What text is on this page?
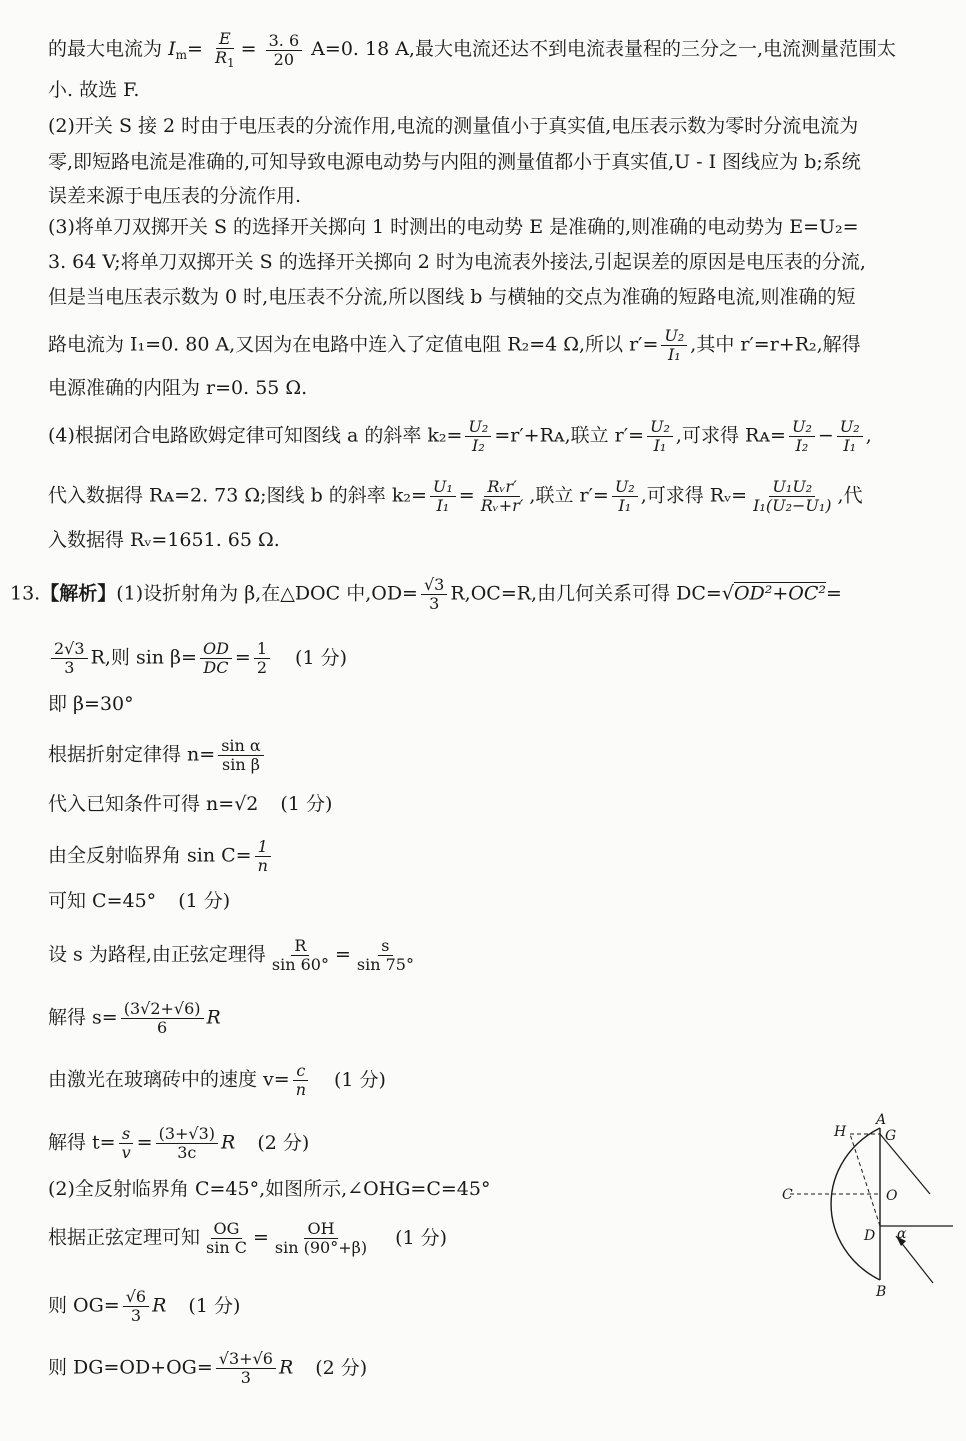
的最大电流为 $I_m= \frac{E}{R_1} = \frac{3. 6}{20} A=0$. 18 A,最大电流还达不到电流表量程的三分之一,电流测量范围太
小. 故选 F.
(2)开关 S 接 2 时由于电压表的分流作用,电流的测量值小于真实值,电压表示数为零时分流电流为
零,即短路电流是准确的,可知导致电源电动势与内阻的测量值都小于真实值,U - I 图线应为 b;系统
误差来源于电压表的分流作用.
(3)将单刀双掷开关 S 的选择开关掷向 1 时测出的电动势 E 是准确的,则准确的电动势为 E=U₂=
3. 64 V;将单刀双掷开关 S 的选择开关掷向 2 时为电流表外接法,引起误差的原因是电压表的分流,
但是当电压表示数为 0 时,电压表不分流,所以图线 b 与横轴的交点为准确的短路电流,则准确的短
路电流为 I₁=0. 80 A,又因为在电路中连入了定值电阻 R₂=4 Ω,所以 $r'= \frac{\text{U₂}}{\text{I₁}}$ ,其中 r′=r+R₂,解得
电源准确的内阻为 r=0. 55 Ω.
(4)根据闭合电路欧姆定律可知图线 a 的斜率 $k_2= \frac{\text{U₂}}{\text{I₂}}$ =r′+Rᴀ,联立 $r'= \frac{\text{U₂}}{\text{I₁}}$ ,可求得 Rᴀ= $\frac{\text{U₂}}{\text{I₂}} - \frac{\text{U₂}}{\text{I₁}}$ ,
代入数据得 Rᴀ=2. 73 Ω;图线 b 的斜率 $k_2= \frac{\text{U₁}}{\text{I₁}} = \frac{\text{Rᵥr′}}{\text{Rᵥ+r′}}$ ,联立 $r'= \frac{\text{U₂}}{\text{I₁}}$ ,可求得 Rᵥ= $\frac{\text{U₁U₂}}{\text{I₁(U₂−U₁)}}$ ,代
入数据得 Rᵥ=1651. 65 Ω.
13.【解析】(1)设折射角为 β,在△DOC 中$,OD= \frac{√3}{3} R,OC=R$,由几何关系可得 DC=√OD²+OC²=
$\frac{2√3}{3} R$,则 $\sin \beta= \frac{OD}{DC} = \frac{1}{2} (1$ 分)
即 β=30°
根据折射定律得 $n= \frac{\text{sin α}}{\text{sin β}}$
代入已知条件可得 n=√2 (1 分)
由全反射临界角 $\sin C= \frac{1}{n}$
可知 C=45° (1 分)
设 s 为路程,由正弦定理得 $\frac{R}{\sin 60^\circ} = \frac{s}{\sin 75^\circ}$
解得 $s= \frac{(3√2+√6)}{6}$ R
由激光在玻璃砖中的速度 $v= \frac{c}{n} (1$ 分)
解得 $t= \frac{s}{v} = \frac{(3+√3)}{3c}$ R (2 分)
(2)全反射临界角 C=45°,如图所示,∠OHG=C=45°
根据正弦定理可知 $\frac{OG}{\text{sin C}} = \frac{OH}{\sin (90^\circ+\beta)} (1$ 分)
则 $OG= \frac{√6}{3}$ R (1 分)
则 $DG=OD+OG= \frac{√3+√6}{3}$ R (2 分)
A
B
C
D
G
H
O
α
